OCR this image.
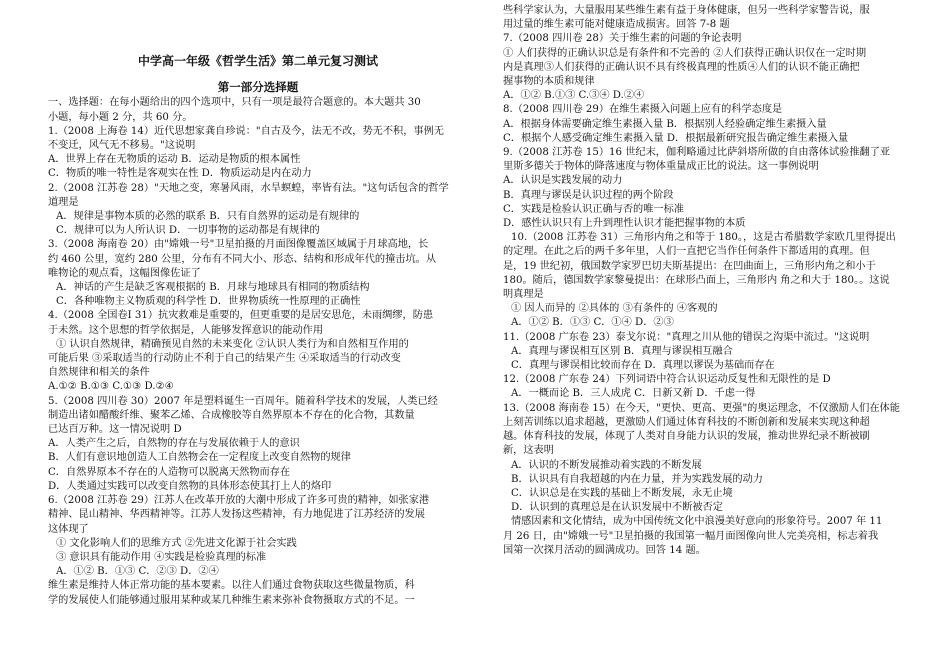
中学高一年级《哲学生活》第二单元复习测试
第一部分选择题
一、选择题：在每小题给出的四个选项中，只有一项是最符合题意的。本大题共 30
小题，每小题 2 分，共 60 分。
1.（2008 上海卷 14）近代思想家龚自珍说："自古及今，法无不改，势无不积，事例无
不变迁，风气无不移易。"这说明
A．世界上存在无物质的运动 B．运动是物质的根本属性
C．物质的唯一特性是客观实在性 D．物质运动是内在动力
2.（2008 江苏卷 28）"天地之变，寒暑风雨，水旱螟蝗，率皆有法。"这句话包含的哲学
道理是
A．规律是事物本质的必然的联系 B．只有自然界的运动是有规律的
C．规律可以为人所认识 D．一切事物的运动都是有规律的
3.（2008 海南卷 20）由"嫦娥一号"卫星拍摄的月面图像覆盖区域属于月球高地，长
约 460 公里，宽约 280 公里，分布有不同大小、形态、结构和形成年代的撞击坑。从
唯物论的观点看，这幅图像佐证了
A．神话的产生是缺乏客观根据的 B．月球与地球具有相同的物质结构
C．各种唯物主义物质观的科学性 D．世界物质统一性原理的正确性
4.（2008 全国卷Ⅰ 31）抗灾救难是重要的，但更重要的是居安思危，未雨绸缪，防患
于未然。这个思想的哲学依据是，人能够发挥意识的能动作用
① 认识自然规律，精确预见自然的未来变化 ②认识人类行为和自然相互作用的
可能后果 ③采取适当的行动防止不利于自己的结果产生 ④采取适当的行动改变
自然规律和相关的条件
A.①② B.①③ C.①③ D.②④
5.（2008 四川卷 30）2007 年是塑料诞生一百周年。随着科学技术的发展，人类已经
制造出诸如醋酸纤维、聚苯乙烯、合成橡胶等自然界原本不存在的化合物，其数量
已达百万种。这一情况说明 D
A．人类产生之后，自然物的存在与发展依赖于人的意识
B．人们有意识地创造人工自然物会在一定程度上改变自然物的规律
C．自然界原本不存在的人造物可以脱离天然物而存在
D．人类通过实践可以改变自然物的具体形态使其打上人的烙印
6.（2008 江苏卷 29）江苏人在改革开放的大潮中形成了许多可贵的精神，如张家港
精神、昆山精神、华西精神等。江苏人发扬这些精神，有力地促进了江苏经济的发展
这体现了
① 文化影响人们的思维方式 ②先进文化源于社会实践
③ 意识具有能动作用 ④实践是检验真理的标准
A．①② B．①③ C．②③ D．②④
维生素是维持人体正常功能的基本要素。以往人们通过食物获取这些微量物质，科
学的发展使人们能够通过服用某种或某几种维生素来弥补食物摄取方式的不足。一
些科学家认为，大量服用某些维生素有益于身体健康，但另一些科学家警告说，服
用过量的维生素可能对健康造成损害。回答 7-8 题
7.（2008 四川卷 28）关于维生素的问题的争论表明
① 人们获得的正确认识总是有条件和不完善的 ②人们获得正确认识仅在一定时期
内是真理③人们获得的正确认识不具有终极真理的性质④人们的认识不能正确把
握事物的本质和规律
A．①② B.①③ C.③④ D.②④
8.（2008 四川卷 29）在维生素摄入问题上应有的科学态度是
A．根据身体需要确定维生素摄入量 B．根据别人经验确定维生素摄入量
C．根据个人感受确定维生素摄入量 D．根据最新研究报告确定维生素摄入量
9.（2008 江苏卷 15）16 世纪末，伽利略通过比萨斜塔所做的自由落体试验推翻了亚
里斯多德关于物体的降落速度与物体重量成正比的说法。这一事例说明
A．认识是实践发展的动力
B．真理与谬误是认识过程的两个阶段
C．实践是检验认识正确与否的唯一标准
D．感性认识只有上升到理性认识才能把握事物的本质
10.（2008 江苏卷 31）三角形内角之和等于 180。，这是古希腊数学家欧几里得提出
的定理。在此之后的两千多年里，人们一直把它当作任何条件下都适用的真理。但
是，19 世纪初，俄国数学家罗巴切夫斯基提出：在凹曲面上，三角形内角之和小于
180。随后，德国数学家黎曼提出：在球形凸面上，三角形内 角之和大于 180。。这说
明真理是
① 因人而异的 ②具体的 ③有条件的 ④客观的
A．①② B．①③ C．①④ D．②③
11.（2008 广东卷 23）泰戈尔说："真理之川从他的错误之沟渠中流过。"这说明
A．真理与谬误相互区别 B．真理与谬误相互融合
C．真理与谬误相比较而存在 D．真理以谬误为基础而存在
12.（2008 广东卷 24）下列词语中符合认识运动反复性和无限性的是 D
A．一概而论 B．三人成虎 C．日新又新 D．千虑一得
13.（2008 海南卷 15）在今天，"更快、更高、更强"的奥运理念，不仅激励人们在体能
上刻苦训练以追求超越，更激励人们通过体育科技的不断创新和发展来实现这种超
越。体育科技的发展，体现了人类对自身能力认识的发展，推动世界纪录不断被刷
新，这表明
A．认识的不断发展推动着实践的不断发展
B．认识具有自我超越的内在力量，并为实践发展的动力
C．认识总是在实践的基础上不断发展，永无止境
D．认识到的真理总是在认识发展中不断被否定
情感因素和文化情结，成为中国传统文化中浪漫美好意向的形象符号。2007 年 11
月 26 日，由"嫦娥一号"卫星拍摄的我国第一幅月面图像向世人完美亮相，标志着我
国第一次探月活动的圆满成功。回答 14 题。
